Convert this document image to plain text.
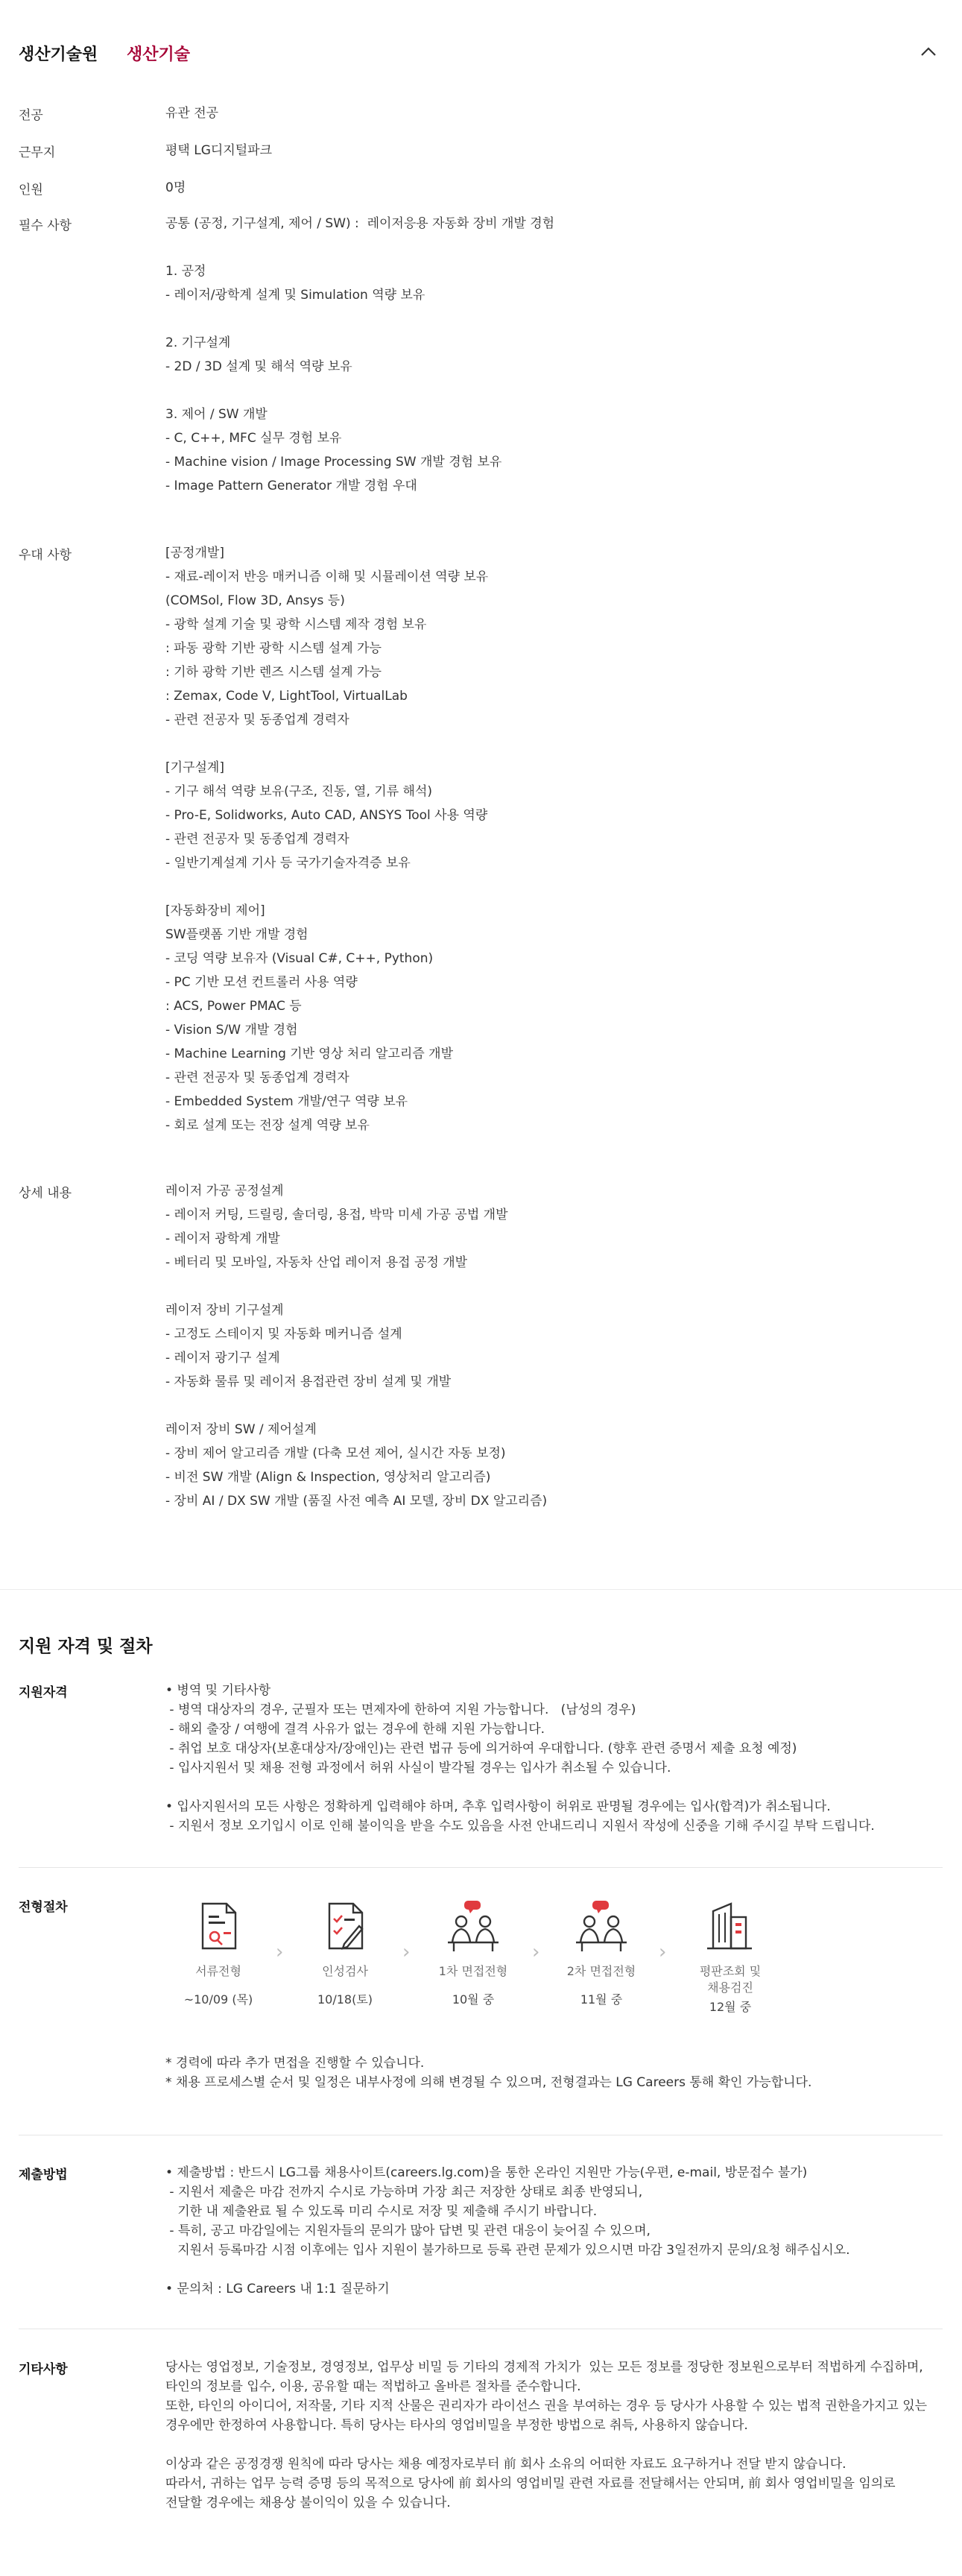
생산기술원 생산기술
전공	유관 전공
근무지	평택 LG디지털파크
인원	0명
필수 사항	공통 (공정, 기구설계, 제어 / SW) :  레이저응용 자동화 장비 개발 경험

1. 공정
- 레이저/광학계 설계 및 Simulation 역량 보유

2. 기구설계
- 2D / 3D 설계 및 해석 역량 보유

3. 제어 / SW 개발
- C, C++, MFC 실무 경험 보유
- Machine vision / Image Processing SW 개발 경험 보유
- Image Pattern Generator 개발 경험 우대
우대 사항	[공정개발]
- 재료-레이저 반응 매커니즘 이해 및 시뮬레이션 역량 보유
(COMSol, Flow 3D, Ansys 등)
- 광학 설계 기술 및 광학 시스템 제작 경험 보유
: 파동 광학 기반 광학 시스템 설계 가능
: 기하 광학 기반 렌즈 시스템 설계 가능
: Zemax, Code V, LightTool, VirtualLab
- 관련 전공자 및 동종업계 경력자

[기구설계]
- 기구 해석 역량 보유(구조, 진동, 열, 기류 해석)
- Pro-E, Solidworks, Auto CAD, ANSYS Tool 사용 역량
- 관련 전공자 및 동종업계 경력자
- 일반기계설계 기사 등 국가기술자격증 보유

[자동화장비 제어]
SW플랫폼 기반 개발 경험
- 코딩 역량 보유자 (Visual C#, C++, Python)
- PC 기반 모션 컨트롤러 사용 역량
: ACS, Power PMAC 등
- Vision S/W 개발 경험
- Machine Learning 기반 영상 처리 알고리즘 개발
- 관련 전공자 및 동종업계 경력자
- Embedded System 개발/연구 역량 보유
- 회로 설계 또는 전장 설계 역량 보유
상세 내용	레이저 가공 공정설계
- 레이저 커팅, 드릴링, 솔더링, 용접, 박막 미세 가공 공법 개발
- 레이저 광학계 개발
- 베터리 및 모바일, 자동차 산업 레이저 용접 공정 개발

레이저 장비 기구설계
- 고정도 스테이지 및 자동화 메커니즘 설계
- 레이저 광기구 설계
- 자동화 물류 및 레이저 용접관련 장비 설계 및 개발

레이저 장비 SW / 제어설계
- 장비 제어 알고리즘 개발 (다축 모션 제어, 실시간 자동 보정)
- 비전 SW 개발 (Align & Inspection, 영상처리 알고리즘)
- 장비 AI / DX SW 개발 (품질 사전 예측 AI 모델, 장비 DX 알고리즘)
지원 자격 및 절차
지원자격	• 병역 및 기타사항
- 병역 대상자의 경우, 군필자 또는 면제자에 한하여 지원 가능합니다.   (남성의 경우)
- 해외 출장 / 여행에 결격 사유가 없는 경우에 한해 지원 가능합니다.
- 취업 보호 대상자(보훈대상자/장애인)는 관련 법규 등에 의거하여 우대합니다. (향후 관련 증명서 제출 요청 예정)
- 입사지원서 및 채용 전형 과정에서 허위 사실이 발각될 경우는 입사가 취소될 수 있습니다.

• 입사지원서의 모든 사항은 정확하게 입력해야 하며, 추후 입력사항이 허위로 판명될 경우에는 입사(합격)가 취소됩니다.
- 지원서 정보 오기입시 이로 인해 불이익을 받을 수도 있음을 사전 안내드리니 지원서 작성에 신중을 기해 주시길 부탁 드립니다.
전형절차
서류전형
~10/09 (목)
›
인성검사
10/18(토)
›
1차 면접전형
10월 중
›
2차 면접전형
11월 중
›
평판조회 및
채용검진
12월 중
* 경력에 따라 추가 면접을 진행할 수 있습니다.
* 채용 프로세스별 순서 및 일정은 내부사정에 의해 변경될 수 있으며, 전형결과는 LG Careers 통해 확인 가능합니다.
제출방법	• 제출방법 : 반드시 LG그룹 채용사이트(careers.lg.com)을 통한 온라인 지원만 가능(우편, e-mail, 방문접수 불가)
- 지원서 제출은 마감 전까지 수시로 가능하며 가장 최근 저장한 상태로 최종 반영되니,
기한 내 제출완료 될 수 있도록 미리 수시로 저장 및 제출해 주시기 바랍니다.
- 특히, 공고 마감일에는 지원자들의 문의가 많아 답변 및 관련 대응이 늦어질 수 있으며,
지원서 등록마감 시점 이후에는 입사 지원이 불가하므로 등록 관련 문제가 있으시면 마감 3일전까지 문의/요청 해주십시오.

• 문의처 : LG Careers 내 1:1 질문하기
기타사항	당사는 영업정보, 기술정보, 경영정보, 업무상 비밀 등 기타의 경제적 가치가  있는 모든 정보를 정당한 정보원으로부터 적법하게 수집하며,
타인의 정보를 입수, 이용, 공유할 때는 적법하고 올바른 절차를 준수합니다.
또한, 타인의 아이디어, 저작물, 기타 지적 산물은 권리자가 라이선스 권을 부여하는 경우 등 당사가 사용할 수 있는 법적 권한을가지고 있는
경우에만 한정하여 사용합니다. 특히 당사는 타사의 영업비밀을 부정한 방법으로 취득, 사용하지 않습니다.

이상과 같은 공정경쟁 원칙에 따라 당사는 채용 예정자로부터 前 회사 소유의 어떠한 자료도 요구하거나 전달 받지 않습니다.
따라서, 귀하는 업무 능력 증명 등의 목적으로 당사에 前 회사의 영업비밀 관련 자료를 전달해서는 안되며, 前 회사 영업비밀을 임의로
전달할 경우에는 채용상 불이익이 있을 수 있습니다.
